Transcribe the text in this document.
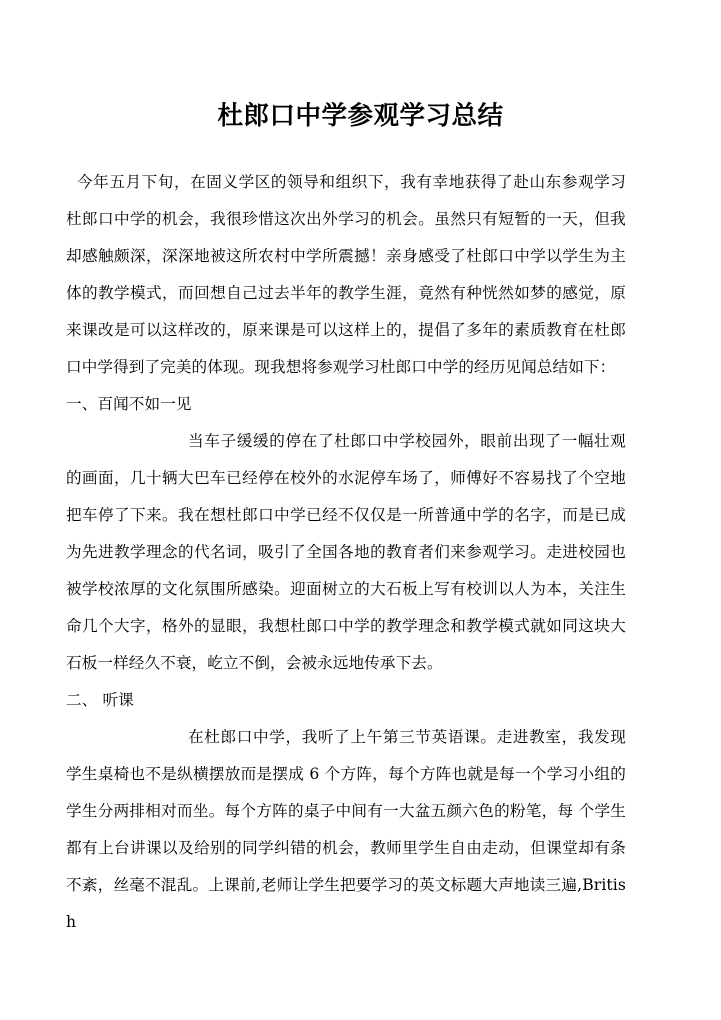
杜郎口中学参观学习总结

今年五月下旬，在固义学区的领导和组织下，我有幸地获得了赴山东参观学习杜郎口中学的机会，我很珍惜这次出外学习的机会。虽然只有短暂的一天，但我却感触颇深，深深地被这所农村中学所震撼！亲身感受了杜郎口中学以学生为主体的教学模式，而回想自己过去半年的教学生涯，竟然有种恍然如梦的感觉，原来课改是可以这样改的，原来课是可以这样上的，提倡了多年的素质教育在杜郎口中学得到了完美的体现。现我想将参观学习杜郎口中学的经历见闻总结如下：

一、百闻不如一见

当车子缓缓的停在了杜郎口中学校园外，眼前出现了一幅壮观的画面，几十辆大巴车已经停在校外的水泥停车场了，师傅好不容易找了个空地把车停了下来。我在想杜郎口中学已经不仅仅是一所普通中学的名字，而是已成为先进教学理念的代名词，吸引了全国各地的教育者们来参观学习。走进校园也被学校浓厚的文化氛围所感染。迎面树立的大石板上写有校训以人为本，关注生命几个大字，格外的显眼，我想杜郎口中学的教学理念和教学模式就如同这块大石板一样经久不衰，屹立不倒，会被永远地传承下去。

二、 听课

在杜郎口中学，我听了上午第三节英语课。走进教室，我发现学生桌椅也不是纵横摆放而是摆成 6 个方阵，每个方阵也就是每一个学习小组的学生分两排相对而坐。每个方阵的桌子中间有一大盆五颜六色的粉笔，每 个学生都有上台讲课以及给别的同学纠错的机会，教师里学生自由走动，但课堂却有条不紊，丝毫不混乱。上课前,老师让学生把要学习的英文标题大声地读三遍,British
